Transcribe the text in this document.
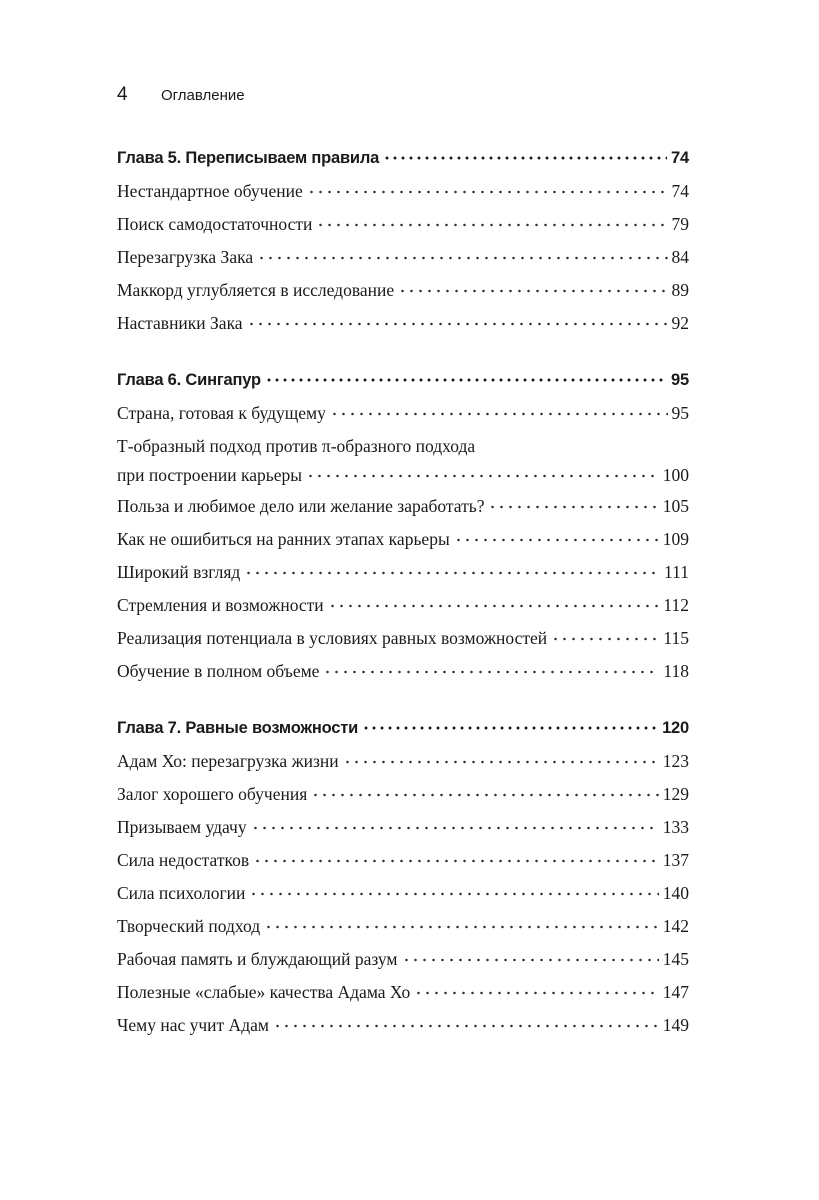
4	Оглавление
Глава 5. Переписываем правила	74
Нестандартное обучение	74
Поиск самодостаточности	79
Перезагрузка Зака	84
Маккорд углубляется в исследование	89
Наставники Зака	92
Глава 6. Сингапур	95
Страна, готовая к будущему	95
Т-образный подход против π-образного подхода
при построении карьеры	100
Польза и любимое дело или желание заработать?	105
Как не ошибиться на ранних этапах карьеры	109
Широкий взгляд	111
Стремления и возможности	112
Реализация потенциала в условиях равных возможностей	115
Обучение в полном объеме	118
Глава 7. Равные возможности	120
Адам Хо: перезагрузка жизни	123
Залог хорошего обучения	129
Призываем удачу	133
Сила недостатков	137
Сила психологии	140
Творческий подход	142
Рабочая память и блуждающий разум	145
Полезные «слабые» качества Адама Хо	147
Чему нас учит Адам	149
